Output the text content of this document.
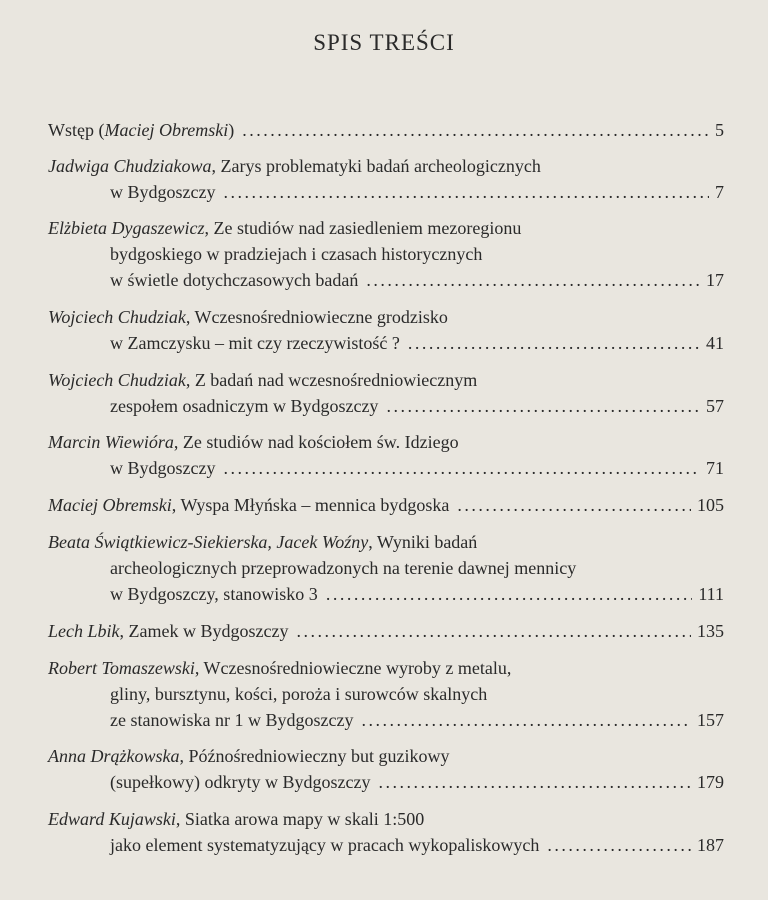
SPIS TREŚCI
Wstęp (Maciej Obremski) . . .	5
Jadwiga Chudziakowa, Zarys problematyki badań archeologicznych
w Bydgoszczy . . .	7
Elżbieta Dygaszewicz, Ze studiów nad zasiedleniem mezoregionu
bydgoskiego w pradziejach i czasach historycznych
w świetle dotychczasowych badań . . .	17
Wojciech Chudziak, Wczesnośredniowieczne grodzisko
w Zamczysku – mit czy rzeczywistość ? . . .	41
Wojciech Chudziak, Z badań nad wczesnośredniowiecznym
zespołem osadniczym w Bydgoszczy . . .	57
Marcin Wiewióra, Ze studiów nad kościołem św. Idziego
w Bydgoszczy . . .	71
Maciej Obremski, Wyspa Młyńska – mennica bydgoska . . .	105
Beata Świątkiewicz-Siekierska, Jacek Woźny, Wyniki badań
archeologicznych przeprowadzonych na terenie dawnej mennicy
w Bydgoszczy, stanowisko 3 . . .	111
Lech Lbik, Zamek w Bydgoszczy . . .	135
Robert Tomaszewski, Wczesnośredniowieczne wyroby z metalu,
gliny, bursztynu, kości, poroża i surowców skalnych
ze stanowiska nr 1 w Bydgoszczy . . .	157
Anna Drążkowska, Późnośredniowieczny but guzikowy
(supełkowy) odkryty w Bydgoszczy . . .	179
Edward Kujawski, Siatka arowa mapy w skali 1:500
jako element systematyzujący w pracach wykopaliskowych . . .	187
